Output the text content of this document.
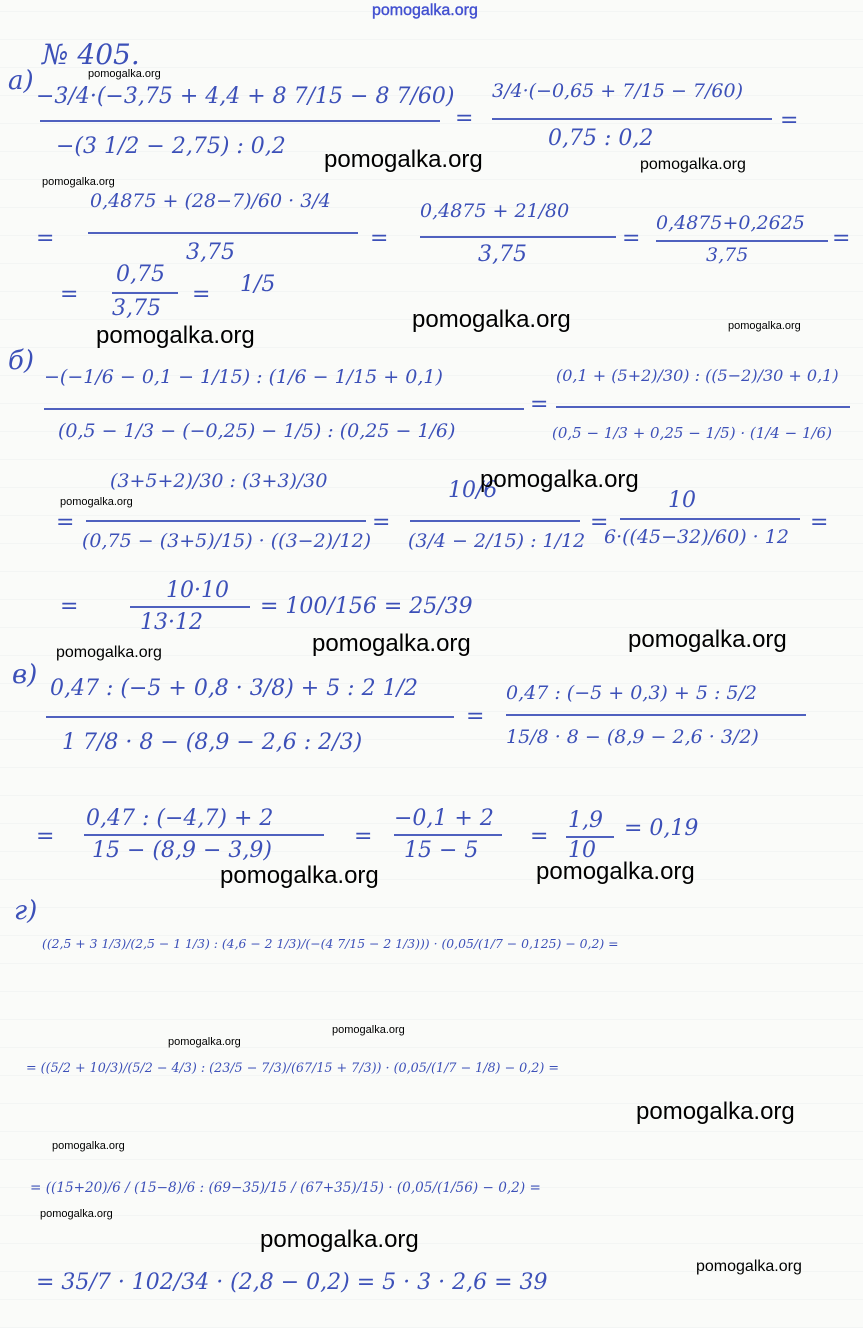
pomogalka.org
№ 405.
а)
−3/4·(−3,75 + 4,4 + 8 7/15 − 8 7/60)
−(3 1/2 − 2,75) : 0,2
=
3/4·(−0,65 + 7/15 − 7/60)
0,75 : 0,2
=
=
0,4875 + (28−7)/60 · 3/4
3,75
=
0,4875 + 21/80
3,75
=
0,4875+0,2625
3,75
=
=
0,75
3,75
= 1/5
б)
−(−1/6 − 0,1 − 1/15) : (1/6 − 1/15 + 0,1)
(0,5 − 1/3 − (−0,25) − 1/5) : (0,25 − 1/6)
=
(0,1 + (5+2)/30) : ((5−2)/30 + 0,1)
(0,5 − 1/3 + 0,25 − 1/5) · (1/4 − 1/6)
=
(3+5+2)/30 : (3+3)/30
(0,75 − (3+5)/15) · ((3−2)/12)
=
10/6
(3/4 − 2/15) : 1/12
=
10
6·((45−32)/60) · 12
=
=
10·10
13·12
= 100/156 = 25/39
в) 0,47 : (−5 + 0,8 · 3/8) + 5 : 2 1/2
1 7/8 · 8 − (8,9 − 2,6 : 2/3)
=
0,47 : (−5 + 0,3) + 5 : 5/2
15/8 · 8 − (8,9 − 2,6 · 3/2)
=
0,47 : (−4,7) + 2
15 − (8,9 − 3,9)
=
−0,1 + 2
15 − 5
=
1,9
10
= 0,19
г)
((2,5 + 3 1/3)/(2,5 − 1 1/3) : (4,6 − 2 1/3)/(−(4 7/15 − 2 1/3))) · (0,05/(1/7 − 0,125) − 0,2) =
= ((5/2 + 10/3)/(5/2 − 4/3) : (23/5 − 7/3)/(67/15 + 7/3)) · (0,05/(1/7 − 1/8) − 0,2) =
= ((15+20)/6 / (15−8)/6 : (69−35)/15 / (67+35)/15) · (0,05/(1/56) − 0,2) =
= 35/7 · 102/34 · (2,8 − 0,2) = 5 · 3 · 2,6 = 39
pomogalka.org
pomogalka.org	pomogalka.org
pomogalka.org
pomogalka.org
pomogalka.org	pomogalka.org
pomogalka.org
pomogalka.org
pomogalka.org
pomogalka.org
pomogalka.org
pomogalka.org
pomogalka.org
pomogalka.org
pomogalka.org
pomogalka.org
pomogalka.org
pomogalka.org
pomogalka.org
pomogalka.org
